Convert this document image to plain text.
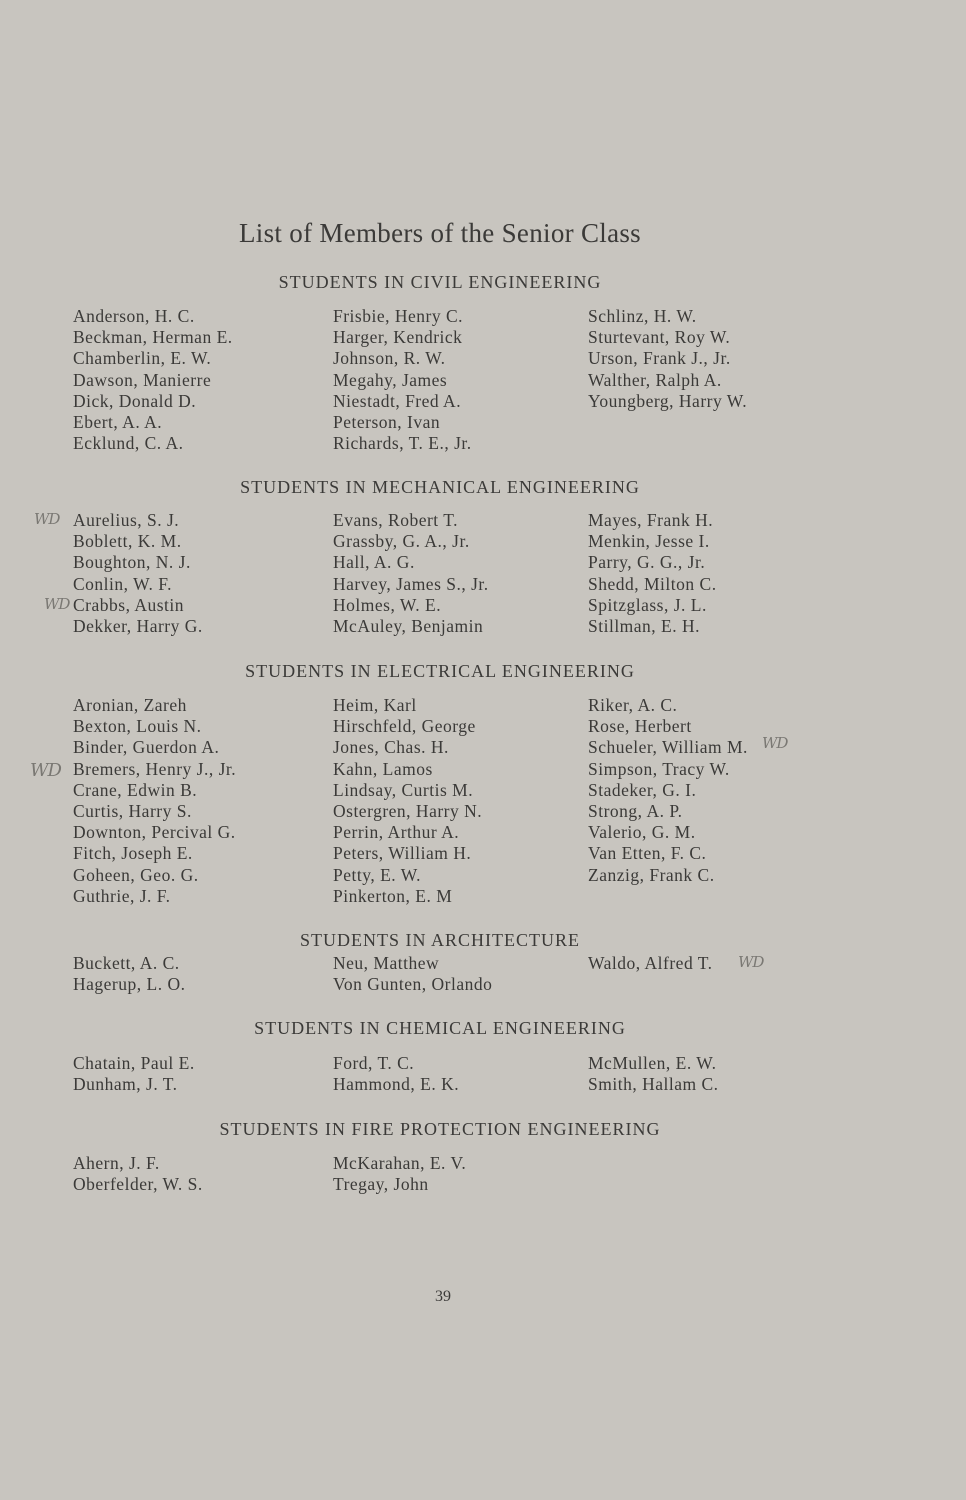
List of Members of the Senior Class
STUDENTS IN CIVIL ENGINEERING
Anderson, H. C.
Beckman, Herman E.
Chamberlin, E. W.
Dawson, Manierre
Dick, Donald D.
Ebert, A. A.
Ecklund, C. A.
Frisbie, Henry C.
Harger, Kendrick
Johnson, R. W.
Megahy, James
Niestadt, Fred A.
Peterson, Ivan
Richards, T. E., Jr.
Schlinz, H. W.
Sturtevant, Roy W.
Urson, Frank J., Jr.
Walther, Ralph A.
Youngberg, Harry W.
STUDENTS IN MECHANICAL ENGINEERING
Aurelius, S. J.
Boblett, K. M.
Boughton, N. J.
Conlin, W. F.
Crabbs, Austin
Dekker, Harry G.
Evans, Robert T.
Grassby, G. A., Jr.
Hall, A. G.
Harvey, James S., Jr.
Holmes, W. E.
McAuley, Benjamin
Mayes, Frank H.
Menkin, Jesse I.
Parry, G. G., Jr.
Shedd, Milton C.
Spitzglass, J. L.
Stillman, E. H.
STUDENTS IN ELECTRICAL ENGINEERING
Aronian, Zareh
Bexton, Louis N.
Binder, Guerdon A.
Bremers, Henry J., Jr.
Crane, Edwin B.
Curtis, Harry S.
Downton, Percival G.
Fitch, Joseph E.
Goheen, Geo. G.
Guthrie, J. F.
Heim, Karl
Hirschfeld, George
Jones, Chas. H.
Kahn, Lamos
Lindsay, Curtis M.
Ostergren, Harry N.
Perrin, Arthur A.
Peters, William H.
Petty, E. W.
Pinkerton, E. M
Riker, A. C.
Rose, Herbert
Schueler, William M.
Simpson, Tracy W.
Stadeker, G. I.
Strong, A. P.
Valerio, G. M.
Van Etten, F. C.
Zanzig, Frank C.
STUDENTS IN ARCHITECTURE
Buckett, A. C.
Hagerup, L. O.
Neu, Matthew
Von Gunten, Orlando
Waldo, Alfred T.
STUDENTS IN CHEMICAL ENGINEERING
Chatain, Paul E.
Dunham, J. T.
Ford, T. C.
Hammond, E. K.
McMullen, E. W.
Smith, Hallam C.
STUDENTS IN FIRE PROTECTION ENGINEERING
Ahern, J. F.
Oberfelder, W. S.
McKarahan, E. V.
Tregay, John
WD
WD
WD
WD
WD
39
